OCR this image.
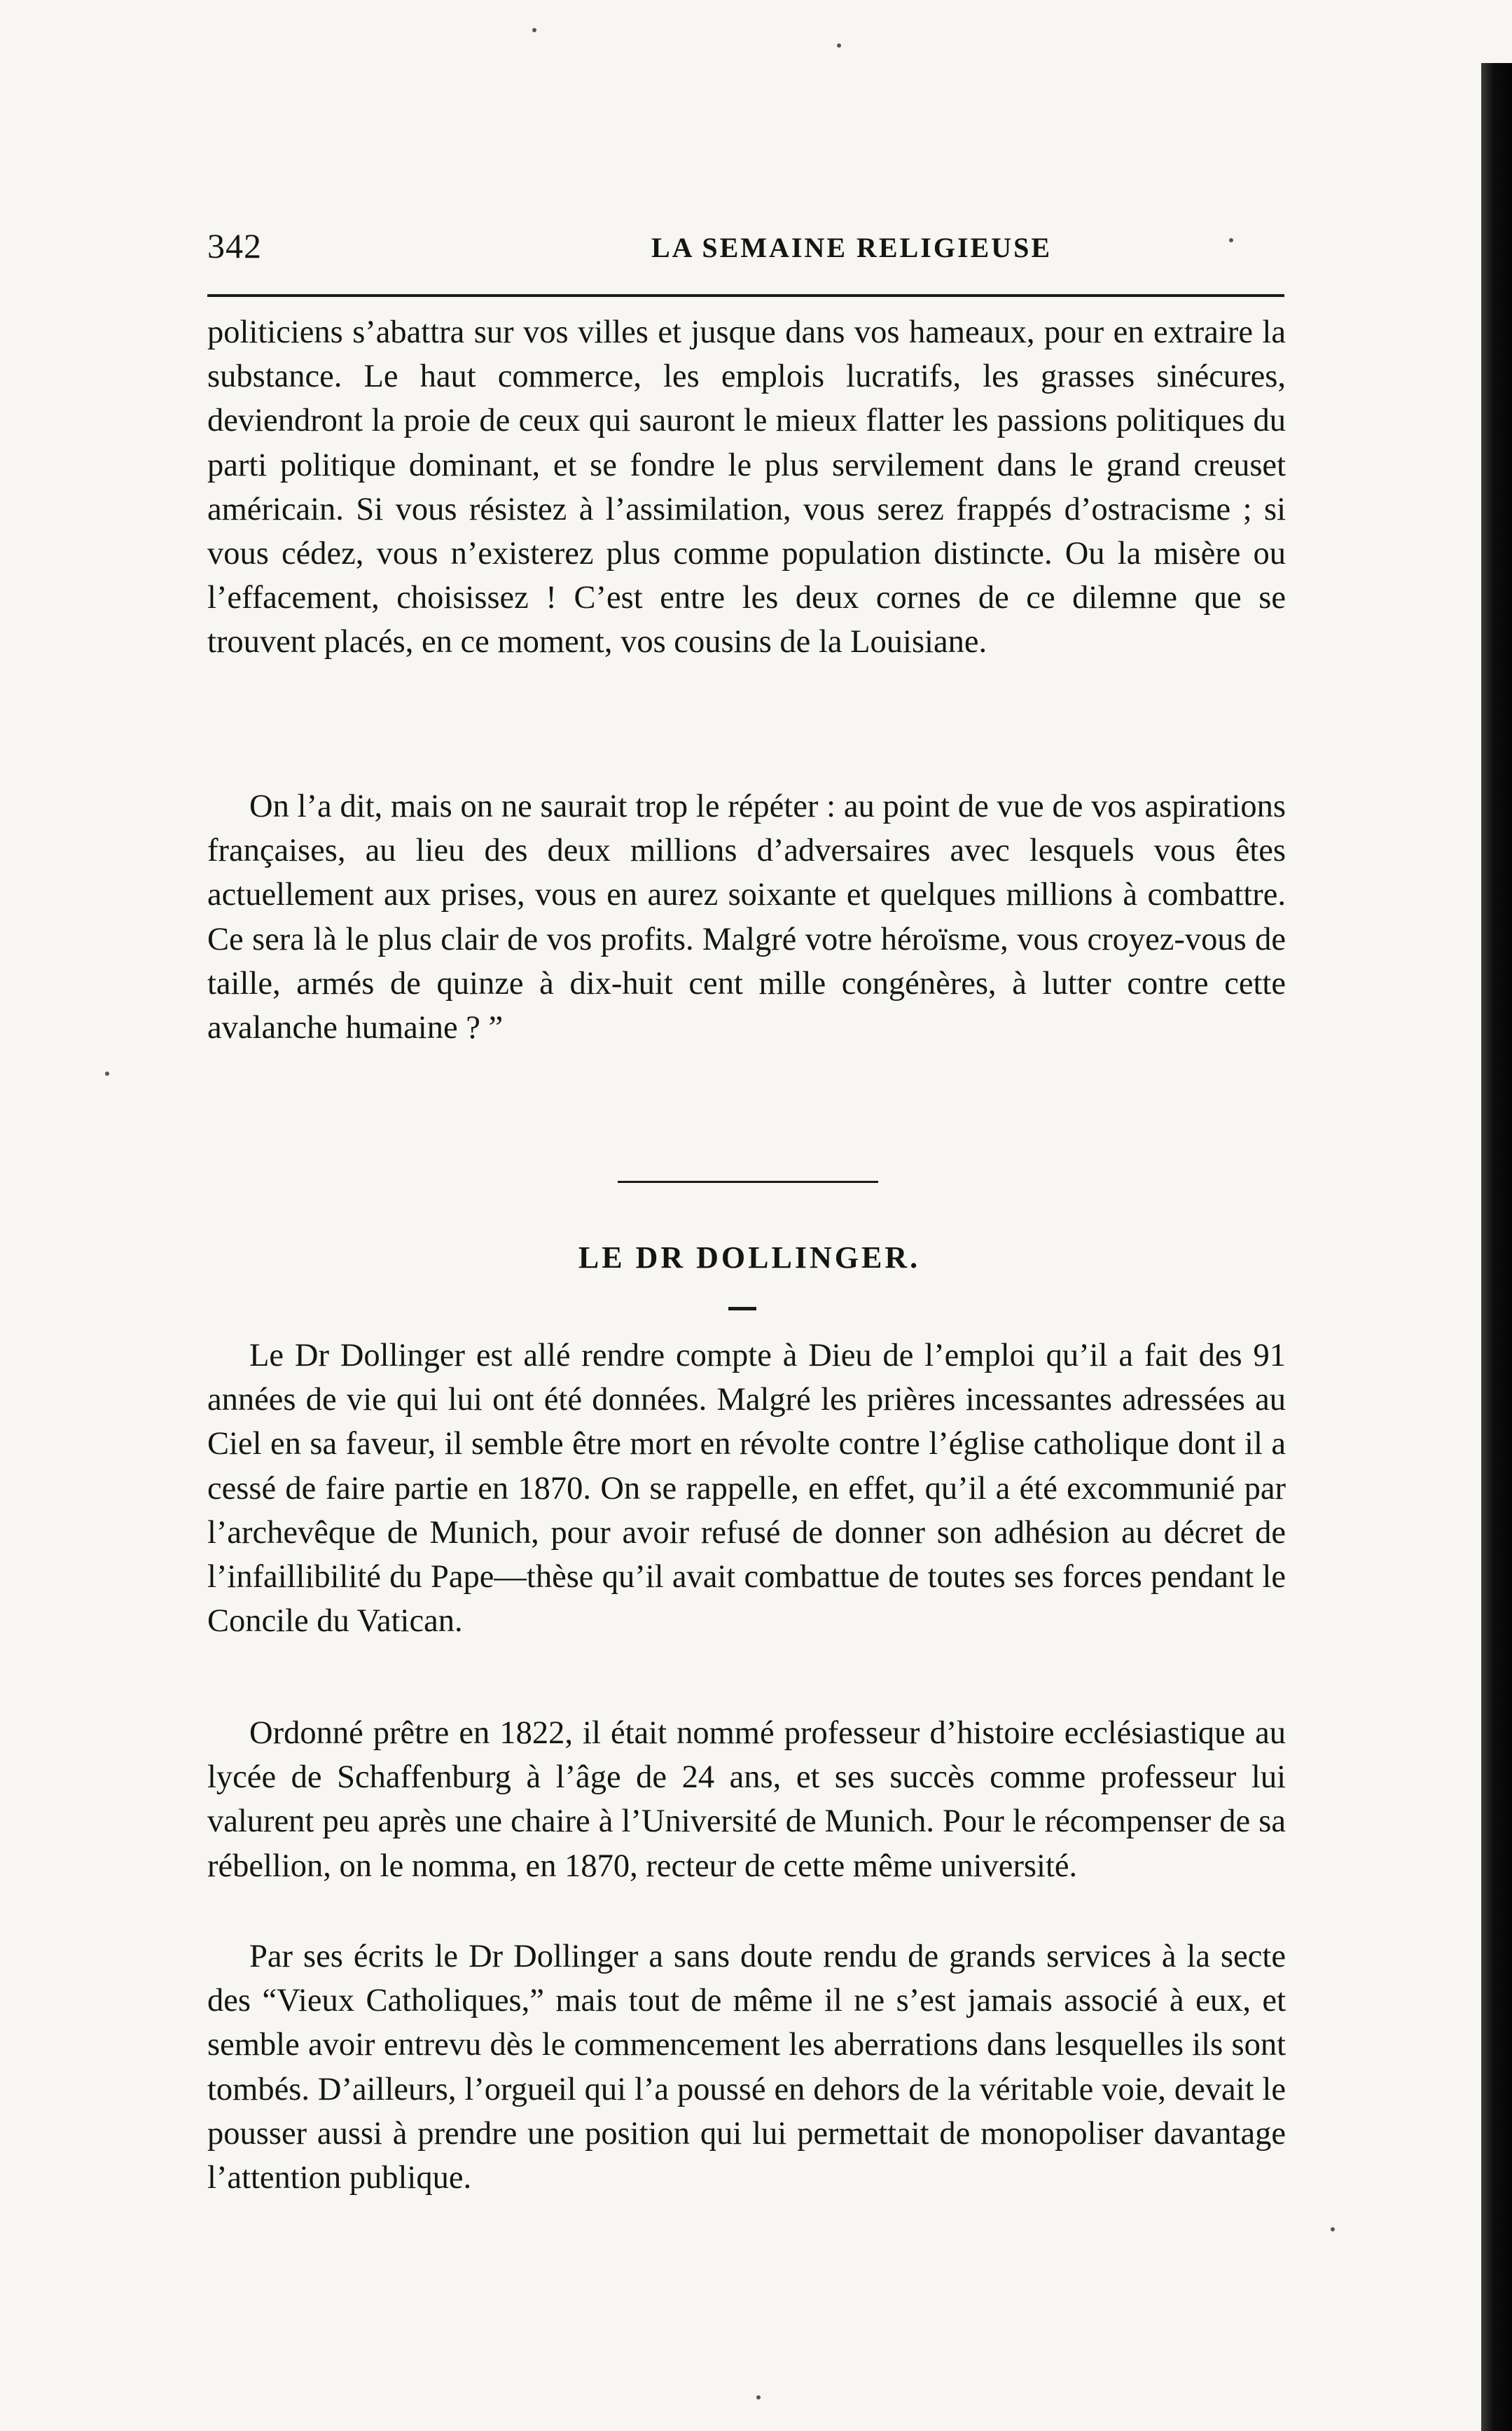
342	LA SEMAINE RELIGIEUSE

politiciens s’abattra sur vos villes et jusque dans vos hameaux, pour en extraire la substance. Le haut commerce, les emplois lucratifs, les grasses sinécures, deviendront la proie de ceux qui sauront le mieux flatter les passions politiques du parti politique dominant, et se fondre le plus servilement dans le grand creuset américain. Si vous résistez à l’assimilation, vous serez frappés d’ostracisme ; si vous cédez, vous n’existerez plus comme population distincte. Ou la misère ou l’effacement, choisissez ! C’est entre les deux cornes de ce dilemne que se trouvent placés, en ce moment, vos cousins de la Louisiane.

On l’a dit, mais on ne saurait trop le répéter : au point de vue de vos aspirations françaises, au lieu des deux millions d’adversaires avec lesquels vous êtes actuellement aux prises, vous en aurez soixante et quelques millions à combattre. Ce sera là le plus clair de vos profits. Malgré votre héroïsme, vous croyez-vous de taille, armés de quinze à dix-huit cent mille congénères, à lutter contre cette avalanche humaine ? ”

LE DR DOLLINGER.

Le Dr Dollinger est allé rendre compte à Dieu de l’emploi qu’il a fait des 91 années de vie qui lui ont été données. Malgré les prières incessantes adressées au Ciel en sa faveur, il semble être mort en révolte contre l’église catholique dont il a cessé de faire partie en 1870. On se rappelle, en effet, qu’il a été excommunié par l’archevêque de Munich, pour avoir refusé de donner son adhésion au décret de l’infaillibilité du Pape—thèse qu’il avait combattue de toutes ses forces pendant le Concile du Vatican.

Ordonné prêtre en 1822, il était nommé professeur d’histoire ecclésiastique au lycée de Schaffenburg à l’âge de 24 ans, et ses succès comme professeur lui valurent peu après une chaire à l’Université de Munich. Pour le récompenser de sa rébellion, on le nomma, en 1870, recteur de cette même université.

Par ses écrits le Dr Dollinger a sans doute rendu de grands services à la secte des “Vieux Catholiques,” mais tout de même il ne s’est jamais associé à eux, et semble avoir entrevu dès le commencement les aberrations dans lesquelles ils sont tombés. D’ailleurs, l’orgueil qui l’a poussé en dehors de la véritable voie, devait le pousser aussi à prendre une position qui lui permettait de monopoliser davantage l’attention publique.
